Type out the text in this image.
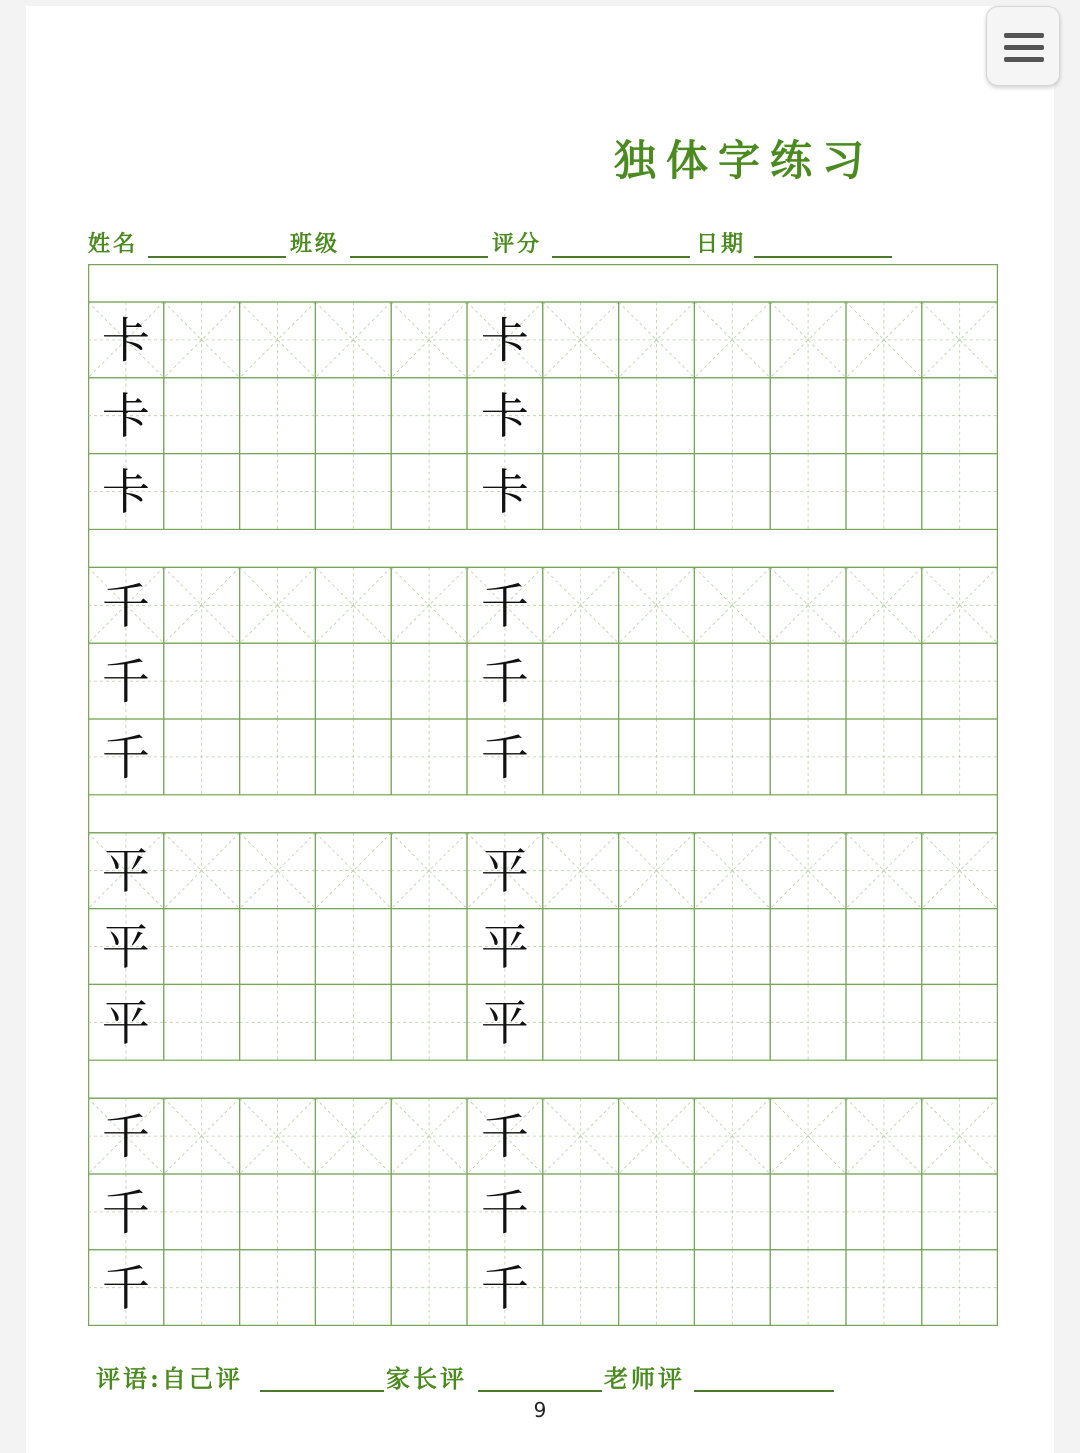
独体字练习
姓名	班级	评分	日期
卡	卡
卡	卡
卡	卡
千	千
千	千
千	千
平	平
平	平
平	平
千	千
千	千
千	千
评语:自己评	家长评	老师评
9
